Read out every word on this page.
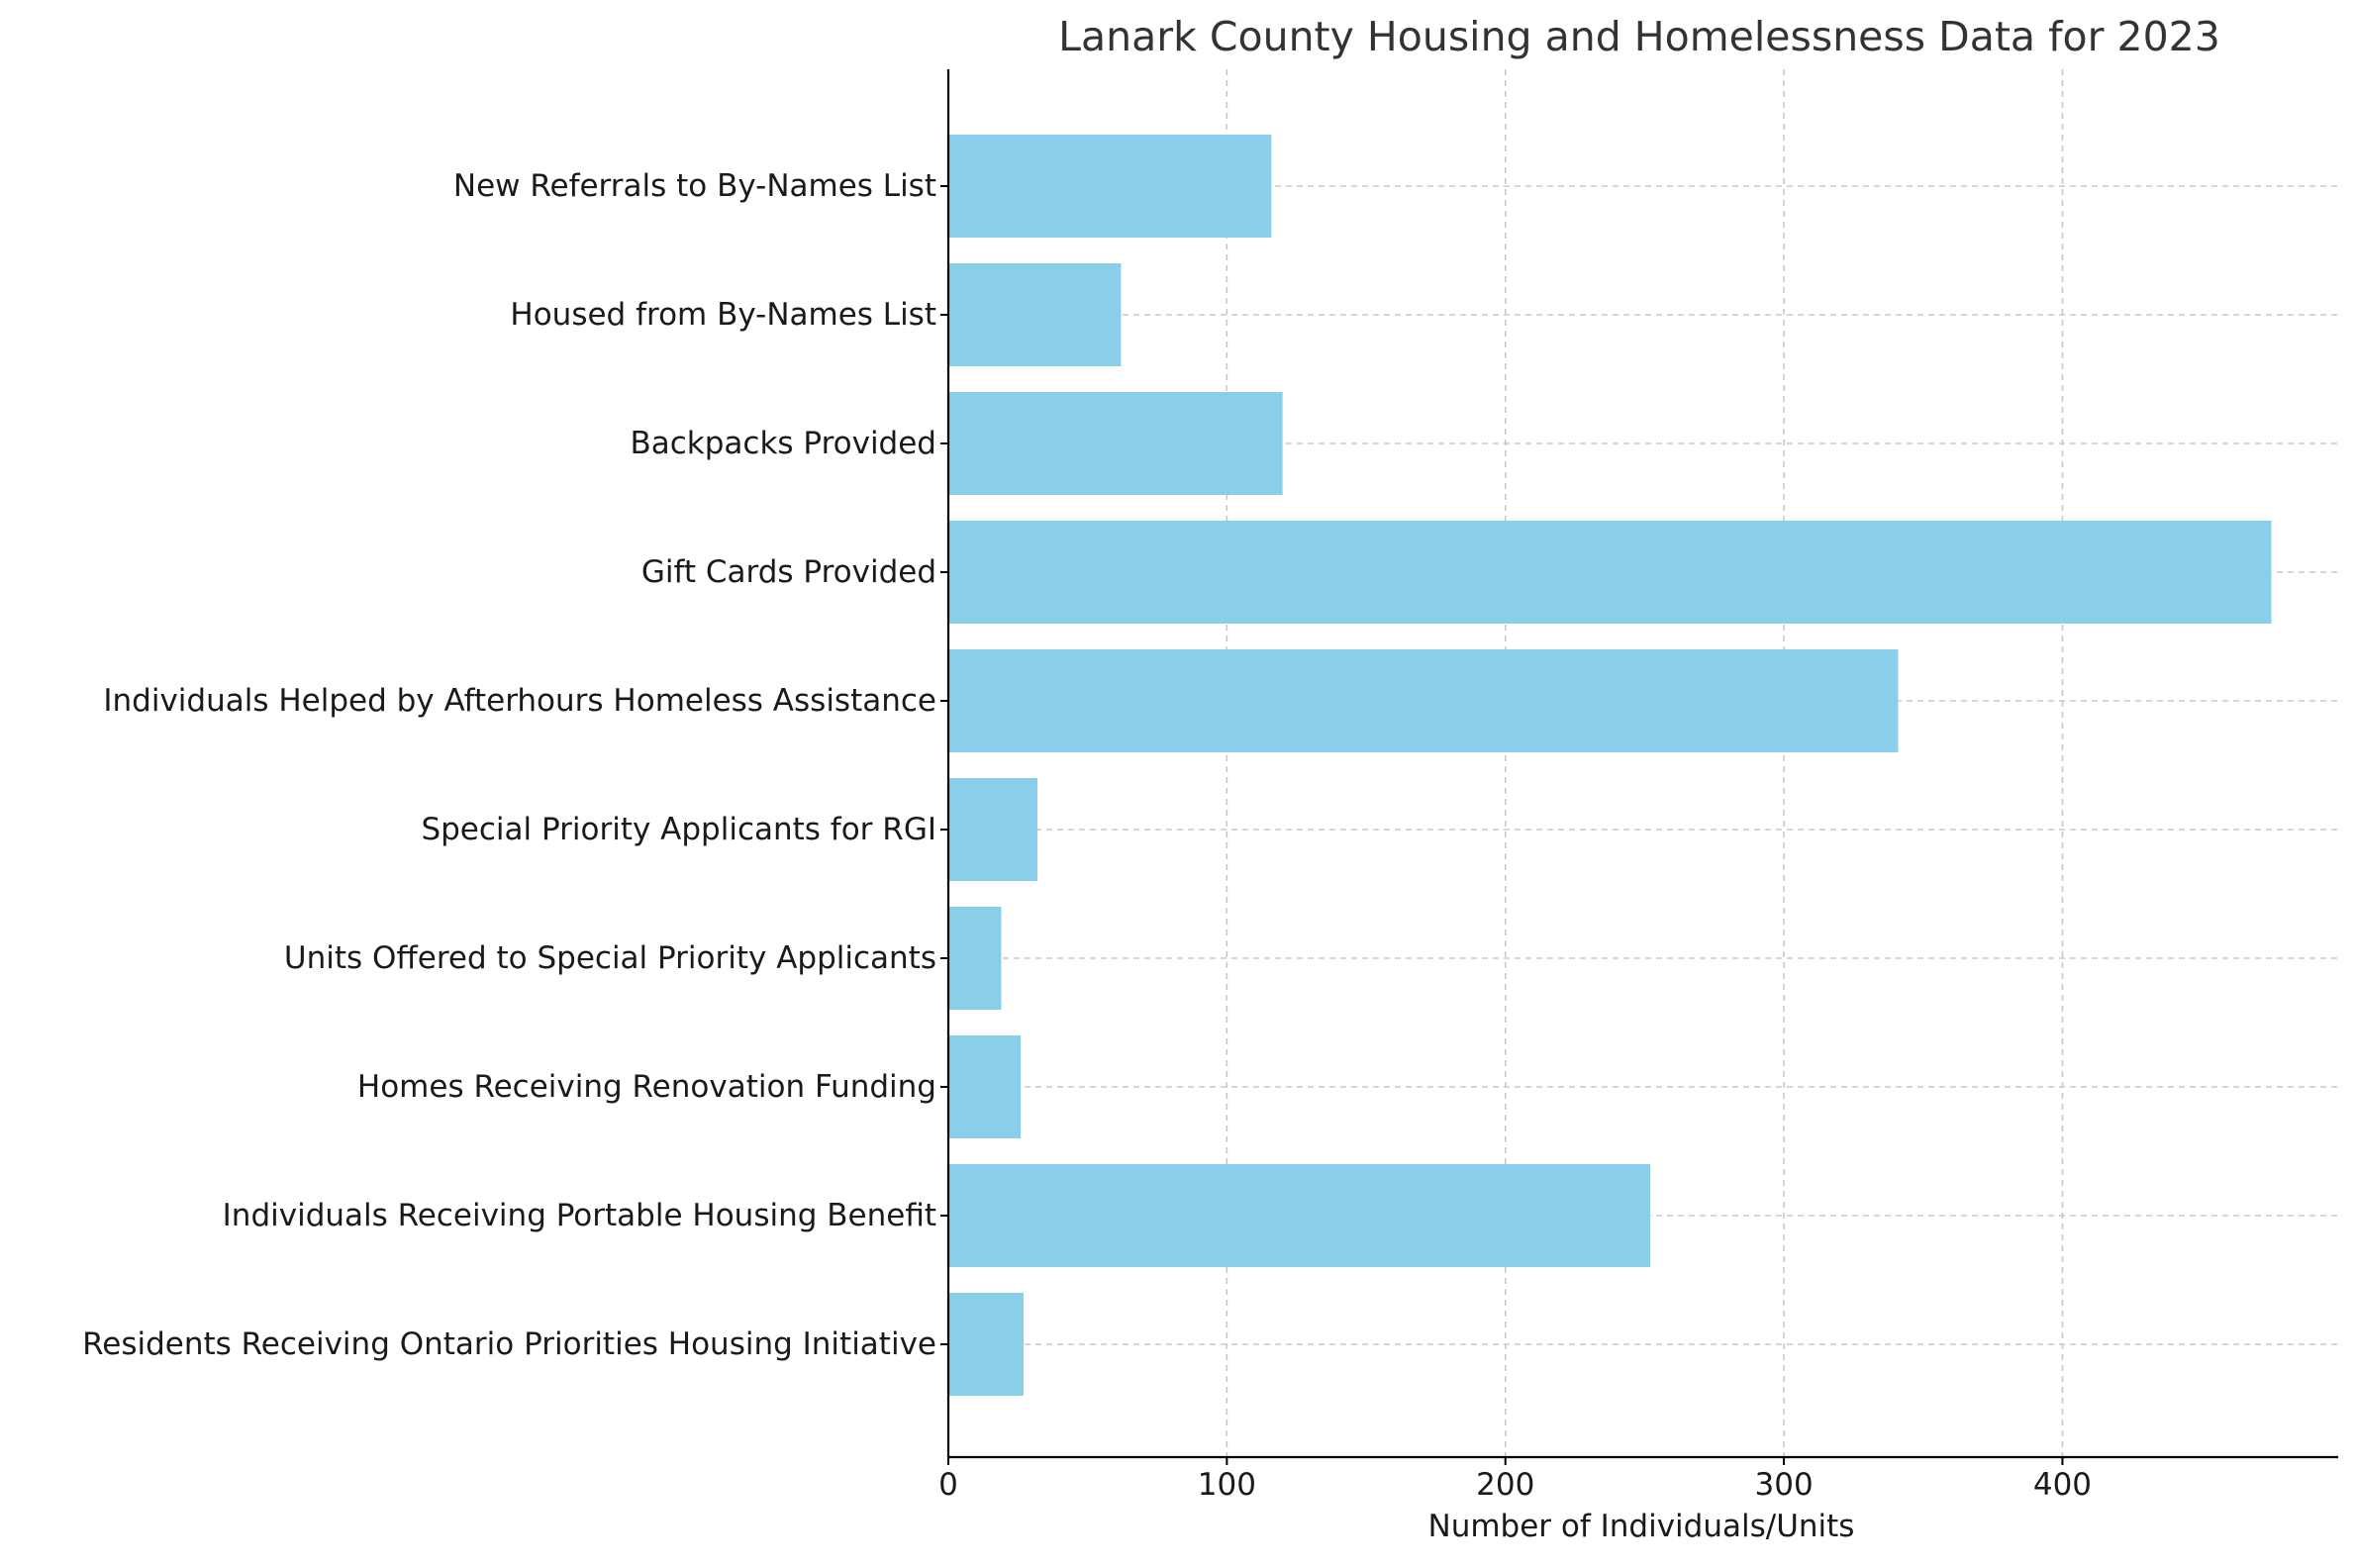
Lanark County Housing and Homelessness Data for 2023
New Referrals to By-Names List
Housed from By-Names List
Backpacks Provided
Gift Cards Provided
Individuals Helped by Afterhours Homeless Assistance
Special Priority Applicants for RGI
Units Offered to Special Priority Applicants
Homes Receiving Renovation Funding
Individuals Receiving Portable Housing Benefit
Residents Receiving Ontario Priorities Housing Initiative
0	100	200	300	400
Number of Individuals/Units
